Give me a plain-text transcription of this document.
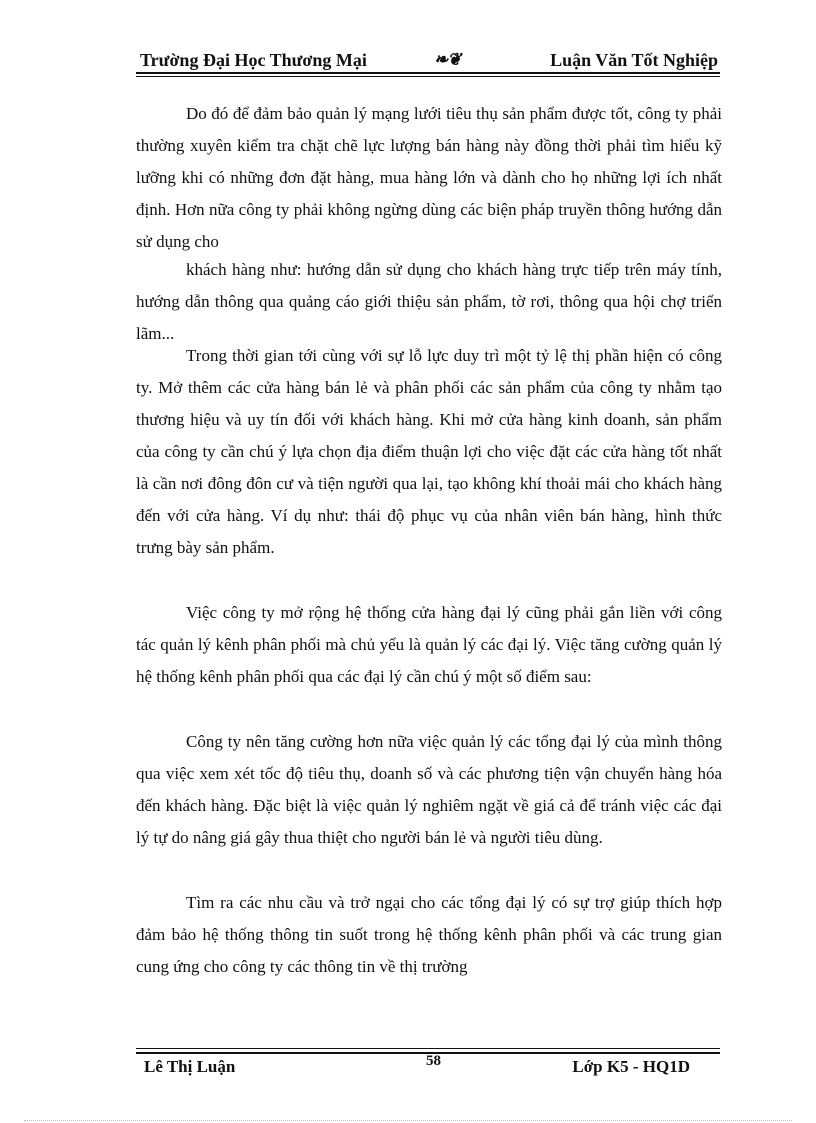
Trường Đại Học Thương Mại	❧❦	Luận Văn Tốt Nghiệp

Do đó để đảm bảo quản lý mạng lưới tiêu thụ sản phẩm được tốt, công ty phải thường xuyên kiểm tra chặt chẽ lực lượng bán hàng này đồng thời phải tìm hiểu kỹ lưỡng khi có những đơn đặt hàng, mua hàng lớn và dành cho họ những lợi ích nhất định. Hơn nữa công ty phải không ngừng dùng các biện pháp truyền thông hướng dẫn sử dụng cho

khách hàng như: hướng dẫn sử dụng cho khách hàng trực tiếp trên máy tính, hướng dẫn thông qua quảng cáo giới thiệu sản phẩm, tờ rơi, thông qua hội chợ triển lãm...

Trong thời gian tới cùng với sự lỗ lực duy trì một tỷ lệ thị phần hiện có công ty. Mở thêm các cửa hàng bán lẻ và phân phối các sản phẩm của công ty nhằm tạo thương hiệu và uy tín đối với khách hàng. Khi mở cửa hàng kinh doanh, sản phẩm của công ty cần chú ý lựa chọn địa điểm thuận lợi cho việc đặt các cửa hàng tốt nhất là cần nơi đông đôn cư và tiện người qua lại, tạo không khí thoải mái cho khách hàng đến với cửa hàng. Ví dụ như: thái độ phục vụ của nhân viên bán hàng, hình thức trưng bày sản phẩm.

Việc công ty mở rộng hệ thống cửa hàng đại lý cũng phải gắn liền với công tác quản lý kênh phân phối mà chủ yếu là quản lý các đại lý. Việc tăng cường quản lý hệ thống kênh phân phối qua các đại lý cần chú ý một số điểm sau:

Công ty nên tăng cường hơn nữa việc quản lý các tổng đại lý của mình thông qua việc xem xét tốc độ tiêu thụ, doanh số và các phương tiện vận chuyển hàng hóa đến khách hàng. Đặc biệt là việc quản lý nghiêm ngặt về giá cả để tránh việc các đại lý tự do nâng giá gây thua thiệt cho người bán lẻ và người tiêu dùng.

Tìm ra các nhu cầu và trở ngại cho các tổng đại lý có sự trợ giúp thích hợp đảm bảo hệ thống thông tin suốt trong hệ thống kênh phân phối và các trung gian cung ứng cho công ty các thông tin về thị trường

Lê Thị Luận	58	Lớp K5 - HQ1D
